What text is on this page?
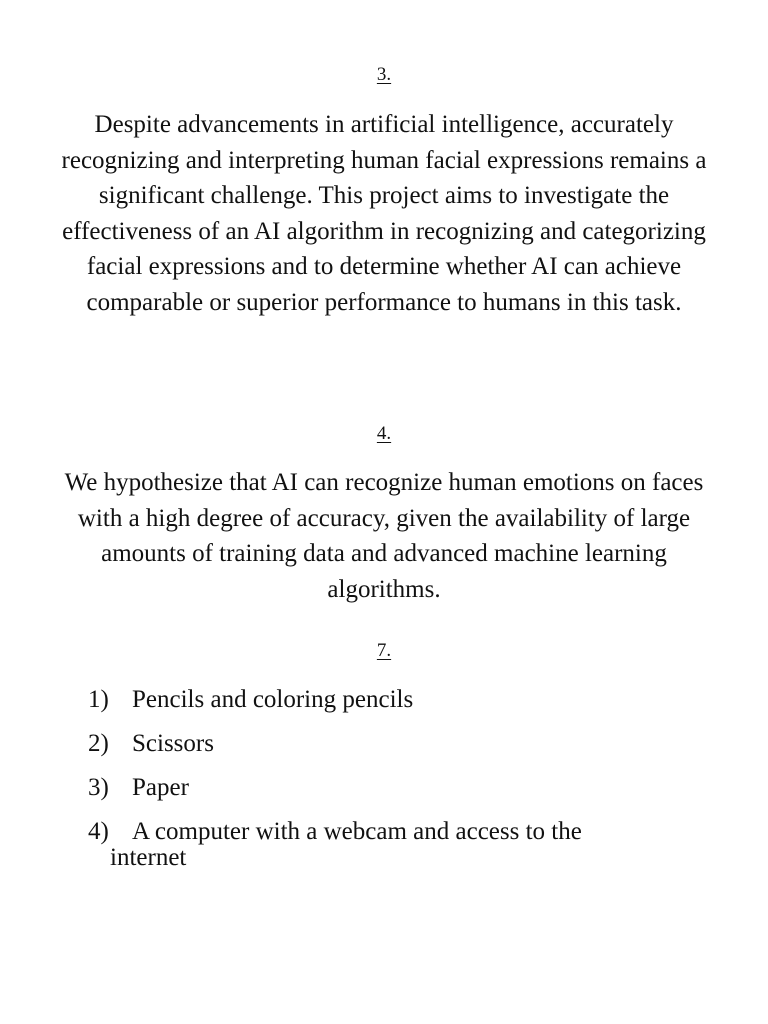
3.
Despite advancements in artificial intelligence, accurately recognizing and interpreting human facial expressions remains a significant challenge. This project aims to investigate the effectiveness of an AI algorithm in recognizing and categorizing facial expressions and to determine whether AI can achieve comparable or superior performance to humans in this task.
4.
We hypothesize that AI can recognize human emotions on faces with a high degree of accuracy, given the availability of large amounts of training data and advanced machine learning algorithms.
7.
1) Pencils and coloring pencils
2) Scissors
3) Paper
4) A computer with a webcam and access to the
internet
